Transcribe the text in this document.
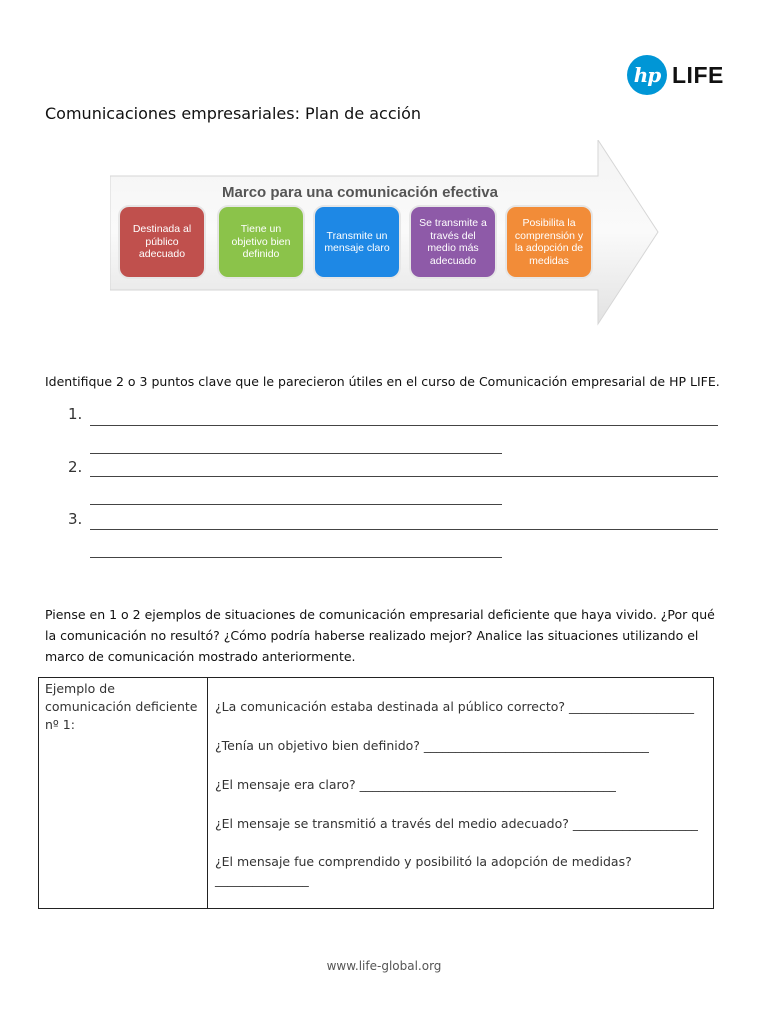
hp LIFE
Comunicaciones empresariales: Plan de acción
Marco para una comunicación efectiva
Destinada al público adecuado
Tiene un objetivo bien definido
Transmite un mensaje claro
Se transmite a través del medio más adecuado
Posibilita la comprensión y la adopción de medidas
Identifique 2 o 3 puntos clave que le parecieron útiles en el curso de Comunicación empresarial de HP LIFE.
1.
2.
3.
Piense en 1 o 2 ejemplos de situaciones de comunicación empresarial deficiente que haya vivido. ¿Por qué la comunicación no resultó? ¿Cómo podría haberse realizado mejor? Analice las situaciones utilizando el marco de comunicación mostrado anteriormente.
Ejemplo de comunicación deficiente nº 1:
¿La comunicación estaba destinada al público correcto? ____________________
¿Tenía un objetivo bien definido? ____________________________________
¿El mensaje era claro? _________________________________________
¿El mensaje se transmitió a través del medio adecuado? ____________________
¿El mensaje fue comprendido y posibilitó la adopción de medidas? _______________
www.life-global.org
